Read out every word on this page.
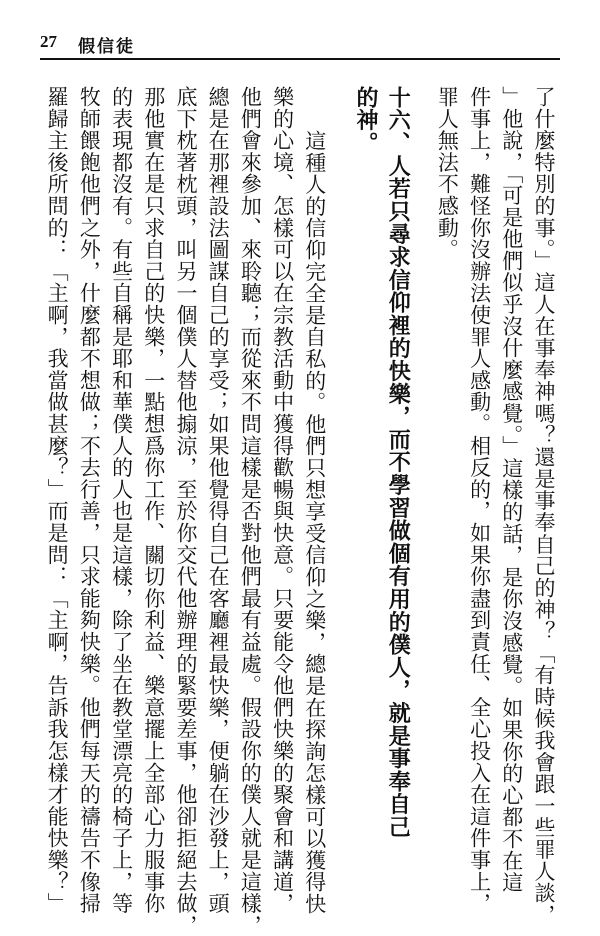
27 假信徒

了什麼特別的事。」這人在事奉神嗎？還是事奉自己的神？「有時候我會跟一些罪人談，

」他說，「可是他們似乎沒什麼感覺。」這樣的話，是你沒感覺。如果你的心都不在這

件事上，難怪你沒辦法使罪人感動。相反的，如果你盡到責任、全心投入在這件事上，

罪人無法不感動。

十六、人若只尋求信仰裡的快樂，而不學習做個有用的僕人，就是事奉自己

的神。

這種人的信仰完全是自私的。他們只想享受信仰之樂，總是在探詢怎樣可以獲得快

樂的心境、怎樣可以在宗教活動中獲得歡暢與快意。只要能令他們快樂的聚會和講道，

他們會來參加、來聆聽；而從來不問這樣是否對他們最有益處。假設你的僕人就是這樣，

總是在那裡設法圖謀自己的享受；如果他覺得自己在客廳裡最快樂，便躺在沙發上，頭

底下枕著枕頭，叫另一個僕人替他搧涼，至於你交代他辦理的緊要差事，他卻拒絕去做，

那他實在是只求自己的快樂，一點想爲你工作、關切你利益、樂意擺上全部心力服事你

的表現都沒有。有些自稱是耶和華僕人的人也是這樣，除了坐在教堂漂亮的椅子上，等

牧師餵飽他們之外，什麼都不想做；不去行善，只求能夠快樂。他們每天的禱告不像掃

羅歸主後所問的：「主啊，我當做甚麼？」而是問：「主啊，告訴我怎樣才能快樂？」
